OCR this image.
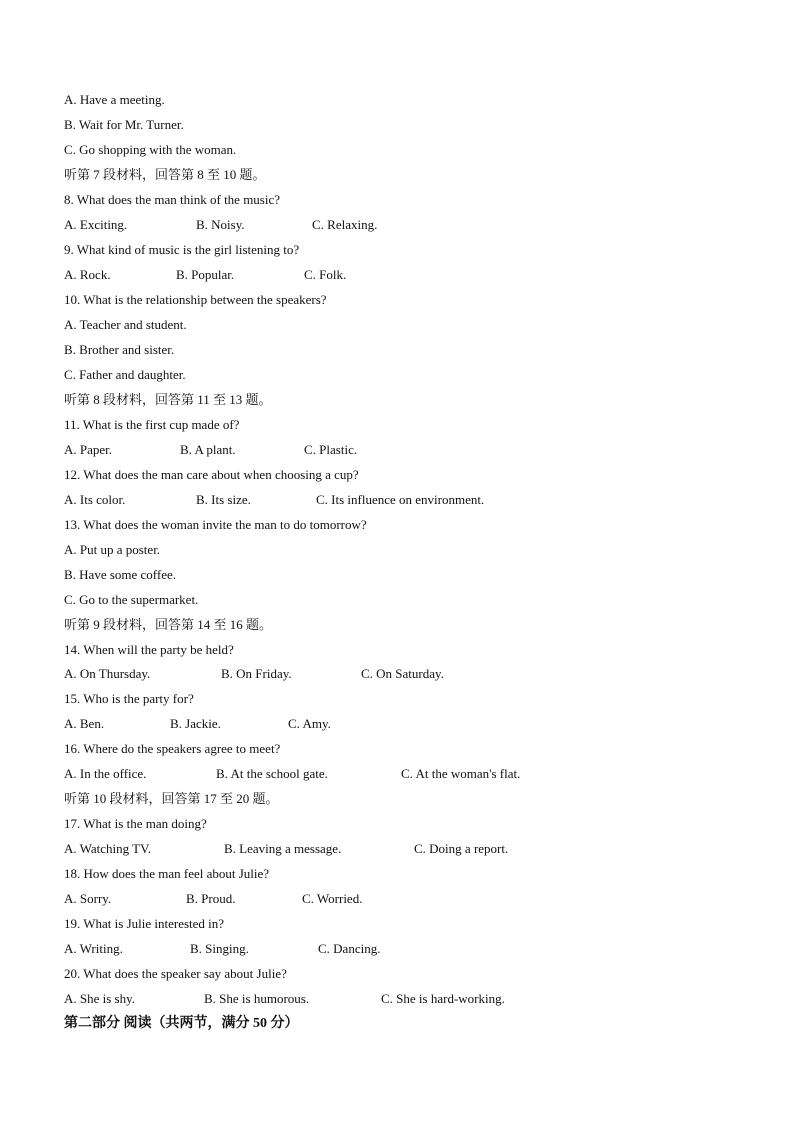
A. Have a meeting.
B. Wait for Mr. Turner.
C. Go shopping with the woman.
听第 7 段材料，回答第 8 至 10 题。
8. What does the man think of the music?
A. Exciting.	B. Noisy.	C. Relaxing.
9. What kind of music is the girl listening to?
A. Rock.	B. Popular.	C. Folk.
10. What is the relationship between the speakers?
A. Teacher and student.
B. Brother and sister.
C. Father and daughter.
听第 8 段材料，回答第 11 至 13 题。
11. What is the first cup made of?
A. Paper.	B. A plant.	C. Plastic.
12. What does the man care about when choosing a cup?
A. Its color.	B. Its size.	C. Its influence on environment.
13. What does the woman invite the man to do tomorrow?
A. Put up a poster.
B. Have some coffee.
C. Go to the supermarket.
听第 9 段材料，回答第 14 至 16 题。
14. When will the party be held?
A. On Thursday.	B. On Friday.	C. On Saturday.
15. Who is the party for?
A. Ben.	B. Jackie.	C. Amy.
16. Where do the speakers agree to meet?
A. In the office.	B. At the school gate.	C. At the woman's flat.
听第 10 段材料，回答第 17 至 20 题。
17. What is the man doing?
A. Watching TV.	B. Leaving a message.	C. Doing a report.
18. How does the man feel about Julie?
A. Sorry.	B. Proud.	C. Worried.
19. What is Julie interested in?
A. Writing.	B. Singing.	C. Dancing.
20. What does the speaker say about Julie?
A. She is shy.	B. She is humorous.	C. She is hard-working.
第二部分 阅读（共两节，满分 50 分）
